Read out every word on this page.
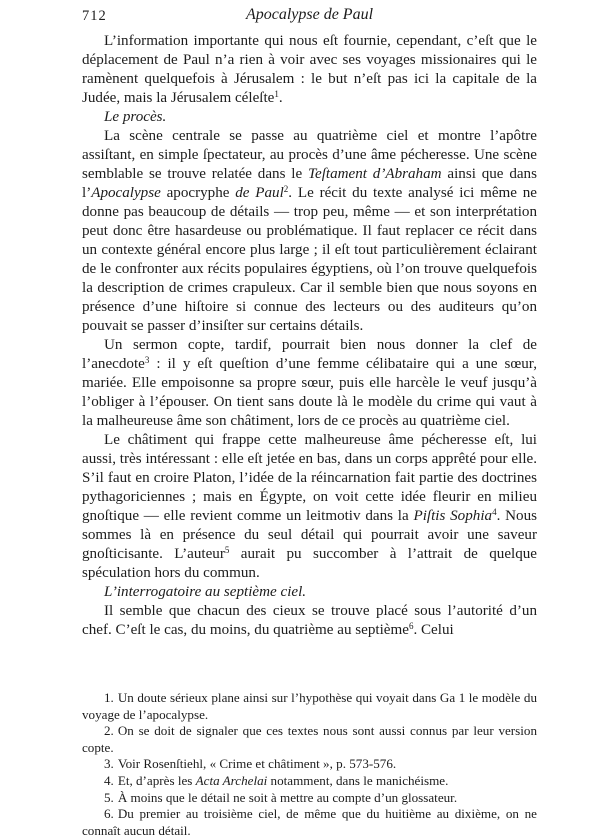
712	Apocalypse de Paul

L’information importante qui nous eſt fournie, cependant, c’eſt que le déplacement de Paul n’a rien à voir avec ses voyages missionaires qui le ramènent quelquefois à Jérusalem : le but n’eſt pas ici la capitale de la Judée, mais la Jérusalem céleſte$^1$.

Le procès.

La scène centrale se passe au quatrième ciel et montre l’apôtre assiſtant, en simple ſpectateur, au procès d’une âme pécheresse. Une scène semblable se trouve relatée dans le Teſtament d’Abraham ainsi que dans l’Apocalypse apocryphe de Paul$^2$. Le récit du texte analysé ici même ne donne pas beaucoup de détails — trop peu, même — et son interprétation peut donc être hasardeuse ou problématique. Il faut replacer ce récit dans un contexte général encore plus large ; il eſt tout particulièrement éclairant de le confronter aux récits populaires égyptiens, où l’on trouve quelquefois la description de crimes crapuleux. Car il semble bien que nous soyons en présence d’une hiſtoire si connue des lecteurs ou des auditeurs qu’on pouvait se passer d’insiſter sur certains détails.

Un sermon copte, tardif, pourrait bien nous donner la clef de l’anecdote$^3$ : il y eſt queſtion d’une femme célibataire qui a une sœur, mariée. Elle empoisonne sa propre sœur, puis elle harcèle le veuf jusqu’à l’obliger à l’épouser. On tient sans doute là le modèle du crime qui vaut à la malheureuse âme son châtiment, lors de ce procès au quatrième ciel.

Le châtiment qui frappe cette malheureuse âme pécheresse eſt, lui aussi, très intéressant : elle eſt jetée en bas, dans un corps apprêté pour elle. S’il faut en croire Platon, l’idée de la réincarnation fait partie des doctrines pythagoriciennes ; mais en Égypte, on voit cette idée fleurir en milieu gnoſtique — elle revient comme un leitmotiv dans la Piſtis Sophia$^4$. Nous sommes là en présence du seul détail qui pourrait avoir une saveur gnoſticisante. L’auteur$^5$ aurait pu succomber à l’attrait de quelque spéculation hors du commun.

L’interrogatoire au septième ciel.

Il semble que chacun des cieux se trouve placé sous l’autorité d’un chef. C’eſt le cas, du moins, du quatrième au septième$^6$. Celui

1. Un doute sérieux plane ainsi sur l’hypothèse qui voyait dans Ga 1 le modèle du voyage de l’apocalypse.

2. On se doit de signaler que ces textes nous sont aussi connus par leur version copte.

3. Voir Rosenſtiehl, « Crime et châtiment », p. 573-576.

4. Et, d’après les Acta Archelai notamment, dans le manichéisme.

5. À moins que le détail ne soit à mettre au compte d’un glossateur.

6. Du premier au troisième ciel, de même que du huitième au dixième, on ne connaît aucun détail.
